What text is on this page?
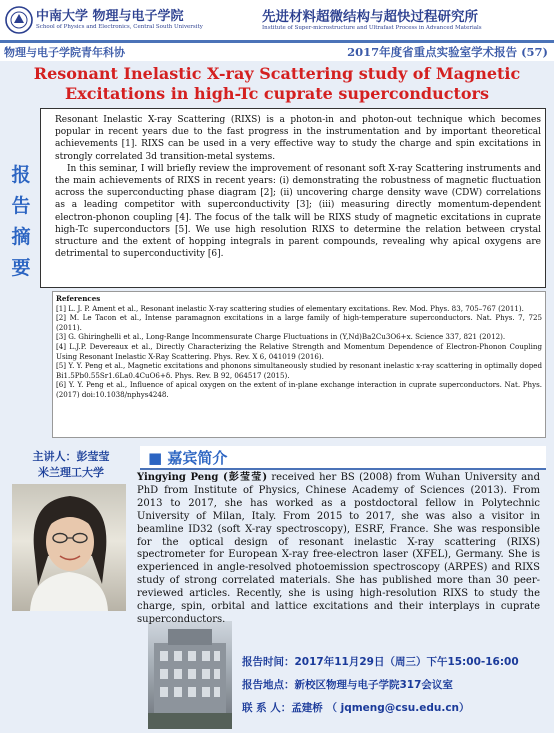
中南大学 物理与电子学院
School of Physics and Electronics, Central South University
先进材料超微结构与超快过程研究所
Institute of Super-microstructure and Ultrafast Process in Advanced Materials
物理与电子学院青年科协	2017年度省重点实验室学术报告 (57)
Resonant Inelastic X-ray Scattering study of Magnetic
Excitations in high-Tc cuprate superconductors
报
告
摘
要

Resonant Inelastic X-ray Scattering (RIXS) is a photon-in and photon-out technique which becomes popular in recent years due to the fast progress in the instrumentation and by important theoretical achievements [1]. RIXS can be used in a very effective way to study the charge and spin excitations in strongly correlated 3d transition-metal systems.

In this seminar, I will briefly review the improvement of resonant soft X-ray Scattering instruments and the main achievements of RIXS in recent years: (i) demonstrating the robustness of magnetic fluctuation across the superconducting phase diagram [2]; (ii) uncovering charge density wave (CDW) correlations as a leading competitor with superconductivity [3]; (iii) measuring directly momentum-dependent electron-phonon coupling [4]. The focus of the talk will be RIXS study of magnetic excitations in cuprate high-Tc superconductors [5]. We use high resolution RIXS to determine the relation between crystal structure and the extent of hopping integrals in parent compounds, revealing why apical oxygens are detrimental to superconductivity [6].

References

[1] L. J. P. Ament et al., Resonant inelastic X-ray scattering studies of elementary excitations. Rev. Mod. Phys. 83, 705–767 (2011).

[2] M. Le Tacon et al., Intense paramagnon excitations in a large family of high-temperature superconductors. Nat. Phys. 7, 725 (2011).

[3] G. Ghiringhelli et al., Long-Range Incommensurate Charge Fluctuations in (Y,Nd)Ba2Cu3O6+x. Science 337, 821 (2012).

[4] L.J.P. Devereaux et al., Directly Characterizing the Relative Strength and Momentum Dependence of Electron-Phonon Coupling Using Resonant Inelastic X-Ray Scattering. Phys. Rev. X 6, 041019 (2016).

[5] Y. Y. Peng et al., Magnetic excitations and phonons simultaneously studied by resonant inelastic x-ray scattering in optimally doped Bi1.5Pb0.55Sr1.6La0.4CuO6+δ. Phys. Rev. B 92, 064517 (2015).

[6] Y. Y. Peng et al., Influence of apical oxygen on the extent of in-plane exchange interaction in cuprate superconductors. Nat. Phys. (2017) doi:10.1038/nphys4248.

主讲人：彭莹莹
米兰理工大学
■ 嘉宾简介
Yingying Peng (彭莹莹) received her BS (2008) from Wuhan University and PhD from Institute of Physics, Chinese Academy of Sciences (2013). From 2013 to 2017, she has worked as a postdoctoral fellow in Polytechnic University of Milan, Italy. From 2015 to 2017, she was also a visitor in beamline ID32 (soft X-ray spectroscopy), ESRF, France. She was responsible for the optical design of resonant inelastic X-ray scattering (RIXS) spectrometer for European X-ray free-electron laser (XFEL), Germany. She is experienced in angle-resolved photoemission spectroscopy (ARPES) and RIXS study of strong correlated materials. She has published more than 30 peer-reviewed articles. Recently, she is using high-resolution RIXS to study the charge, spin, orbital and lattice excitations and their interplays in cuprate superconductors.
报告时间：2017年11月29日（周三）下午15:00-16:00
报告地点：新校区物理与电子学院317会议室
联 系 人：孟建桥 （ jqmeng@csu.edu.cn）
